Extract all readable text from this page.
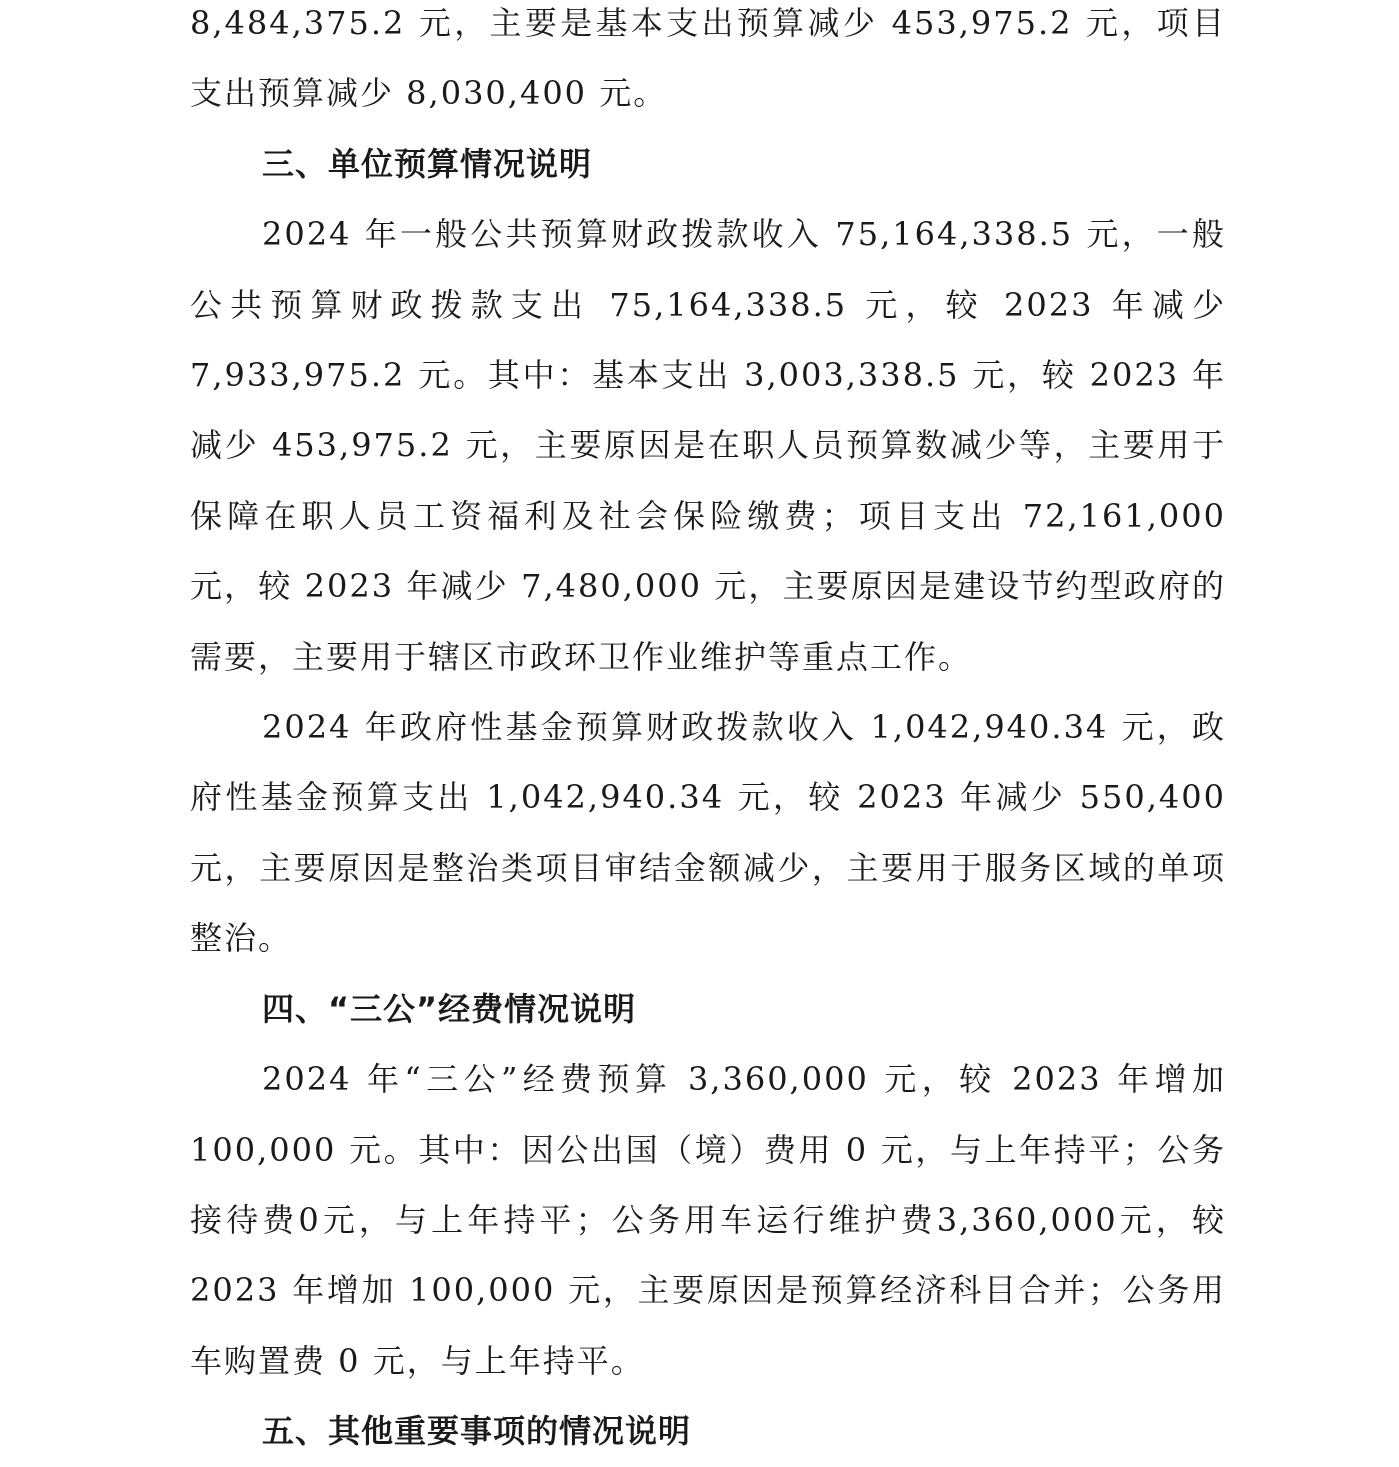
8,484,375.2 元，主要是基本支出预算减少 453,975.2 元，项目支出预算减少 8,030,400 元。

三、单位预算情况说明

2024 年一般公共预算财政拨款收入 75,164,338.5 元，一般公共预算财政拨款支出 75,164,338.5 元，较 2023 年减少 7,933,975.2 元。其中：基本支出 3,003,338.5 元，较 2023 年减少 453,975.2 元，主要原因是在职人员预算数减少等，主要用于保障在职人员工资福利及社会保险缴费；项目支出 72,161,000 元，较 2023 年减少 7,480,000 元，主要原因是建设节约型政府的需要，主要用于辖区市政环卫作业维护等重点工作。

2024 年政府性基金预算财政拨款收入 1,042,940.34 元，政府性基金预算支出 1,042,940.34 元，较 2023 年减少 550,400 元，主要原因是整治类项目审结金额减少，主要用于服务区域的单项整治。

四、“三公”经费情况说明

2024 年“三公”经费预算 3,360,000 元，较 2023 年增加 100,000 元。其中：因公出国（境）费用 0 元，与上年持平；公务接待费0元，与上年持平；公务用车运行维护费3,360,000元，较 2023 年增加 100,000 元，主要原因是预算经济科目合并；公务用车购置费 0 元，与上年持平。

五、其他重要事项的情况说明
